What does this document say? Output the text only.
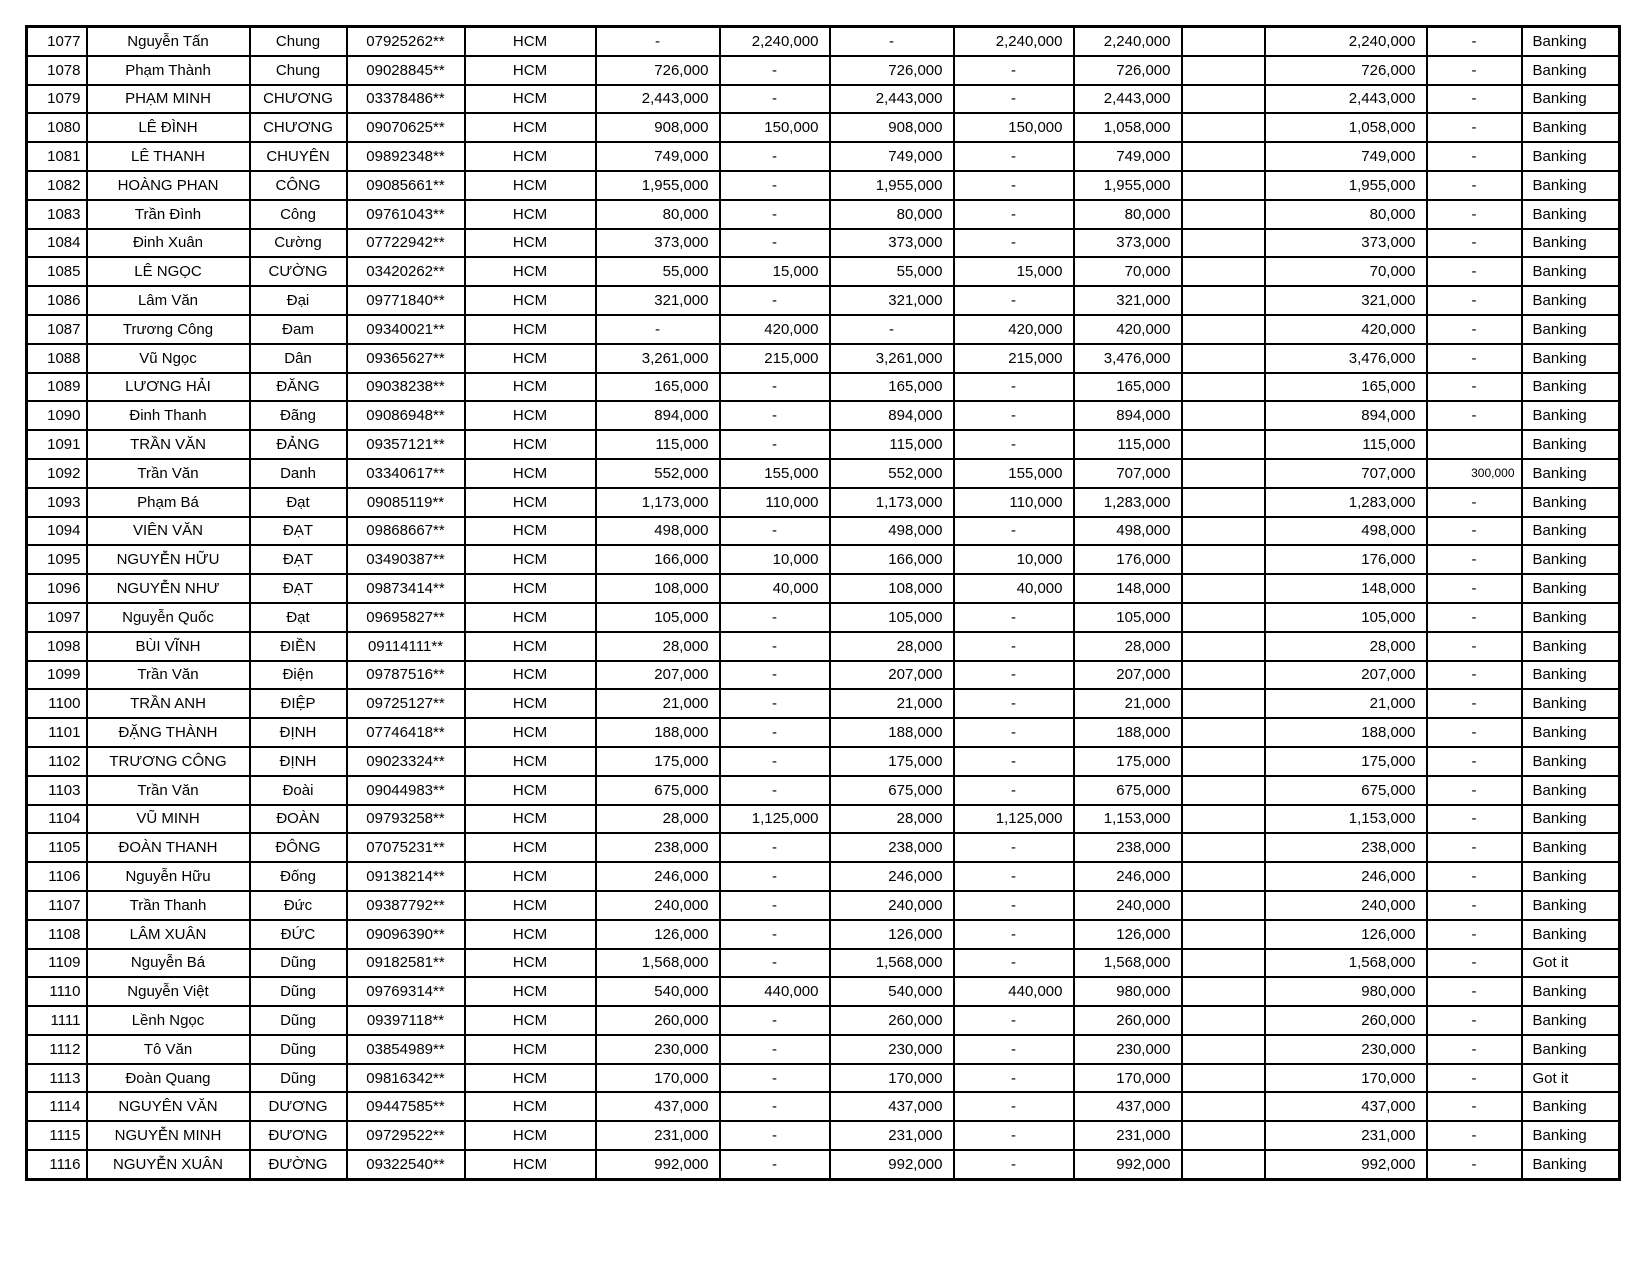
1077	Nguyễn Tấn	Chung	07925262**	HCM	-	2,240,000	-	2,240,000	2,240,000		2,240,000	-	Banking
1078	Phạm Thành	Chung	09028845**	HCM	726,000	-	726,000	-	726,000		726,000	-	Banking
1079	PHẠM MINH	CHƯƠNG	03378486**	HCM	2,443,000	-	2,443,000	-	2,443,000		2,443,000	-	Banking
1080	LÊ ĐÌNH	CHƯƠNG	09070625**	HCM	908,000	150,000	908,000	150,000	1,058,000		1,058,000	-	Banking
1081	LÊ THANH	CHUYÊN	09892348**	HCM	749,000	-	749,000	-	749,000		749,000	-	Banking
1082	HOÀNG PHAN	CÔNG	09085661**	HCM	1,955,000	-	1,955,000	-	1,955,000		1,955,000	-	Banking
1083	Trần Đình	Công	09761043**	HCM	80,000	-	80,000	-	80,000		80,000	-	Banking
1084	Đinh Xuân	Cường	07722942**	HCM	373,000	-	373,000	-	373,000		373,000	-	Banking
1085	LÊ NGỌC	CƯỜNG	03420262**	HCM	55,000	15,000	55,000	15,000	70,000		70,000	-	Banking
1086	Lâm Văn	Đại	09771840**	HCM	321,000	-	321,000	-	321,000		321,000	-	Banking
1087	Trương Công	Đam	09340021**	HCM	-	420,000	-	420,000	420,000		420,000	-	Banking
1088	Vũ Ngọc	Dân	09365627**	HCM	3,261,000	215,000	3,261,000	215,000	3,476,000		3,476,000	-	Banking
1089	LƯƠNG HẢI	ĐĂNG	09038238**	HCM	165,000	-	165,000	-	165,000		165,000	-	Banking
1090	Đinh Thanh	Đãng	09086948**	HCM	894,000	-	894,000	-	894,000		894,000	-	Banking
1091	TRẦN VĂN	ĐẢNG	09357121**	HCM	115,000	-	115,000	-	115,000		115,000		Banking
1092	Trần Văn	Danh	03340617**	HCM	552,000	155,000	552,000	155,000	707,000		707,000	300,000	Banking
1093	Phạm Bá	Đạt	09085119**	HCM	1,173,000	110,000	1,173,000	110,000	1,283,000		1,283,000	-	Banking
1094	VIÊN VĂN	ĐẠT	09868667**	HCM	498,000	-	498,000	-	498,000		498,000	-	Banking
1095	NGUYỄN HỮU	ĐẠT	03490387**	HCM	166,000	10,000	166,000	10,000	176,000		176,000	-	Banking
1096	NGUYỄN NHƯ	ĐẠT	09873414**	HCM	108,000	40,000	108,000	40,000	148,000		148,000	-	Banking
1097	Nguyễn Quốc	Đạt	09695827**	HCM	105,000	-	105,000	-	105,000		105,000	-	Banking
1098	BÙI VĨNH	ĐIỀN	09114111**	HCM	28,000	-	28,000	-	28,000		28,000	-	Banking
1099	Trần Văn	Điện	09787516**	HCM	207,000	-	207,000	-	207,000		207,000	-	Banking
1100	TRẦN ANH	ĐIỆP	09725127**	HCM	21,000	-	21,000	-	21,000		21,000	-	Banking
1101	ĐẶNG THÀNH	ĐỊNH	07746418**	HCM	188,000	-	188,000	-	188,000		188,000	-	Banking
1102	TRƯƠNG CÔNG	ĐỊNH	09023324**	HCM	175,000	-	175,000	-	175,000		175,000	-	Banking
1103	Trần Văn	Đoài	09044983**	HCM	675,000	-	675,000	-	675,000		675,000	-	Banking
1104	VŨ MINH	ĐOÀN	09793258**	HCM	28,000	1,125,000	28,000	1,125,000	1,153,000		1,153,000	-	Banking
1105	ĐOÀN THANH	ĐÔNG	07075231**	HCM	238,000	-	238,000	-	238,000		238,000	-	Banking
1106	Nguyễn Hữu	Đống	09138214**	HCM	246,000	-	246,000	-	246,000		246,000	-	Banking
1107	Trần Thanh	Đức	09387792**	HCM	240,000	-	240,000	-	240,000		240,000	-	Banking
1108	LÂM XUÂN	ĐỨC	09096390**	HCM	126,000	-	126,000	-	126,000		126,000	-	Banking
1109	Nguyễn Bá	Dũng	09182581**	HCM	1,568,000	-	1,568,000	-	1,568,000		1,568,000	-	Got it
1110	Nguyễn Việt	Dũng	09769314**	HCM	540,000	440,000	540,000	440,000	980,000		980,000	-	Banking
1111	Lềnh Ngọc	Dũng	09397118**	HCM	260,000	-	260,000	-	260,000		260,000	-	Banking
1112	Tô Văn	Dũng	03854989**	HCM	230,000	-	230,000	-	230,000		230,000	-	Banking
1113	Đoàn Quang	Dũng	09816342**	HCM	170,000	-	170,000	-	170,000		170,000	-	Got it
1114	NGUYÊN VĂN	DƯƠNG	09447585**	HCM	437,000	-	437,000	-	437,000		437,000	-	Banking
1115	NGUYỄN MINH	ĐƯƠNG	09729522**	HCM	231,000	-	231,000	-	231,000		231,000	-	Banking
1116	NGUYỄN XUÂN	ĐƯỜNG	09322540**	HCM	992,000	-	992,000	-	992,000		992,000	-	Banking
